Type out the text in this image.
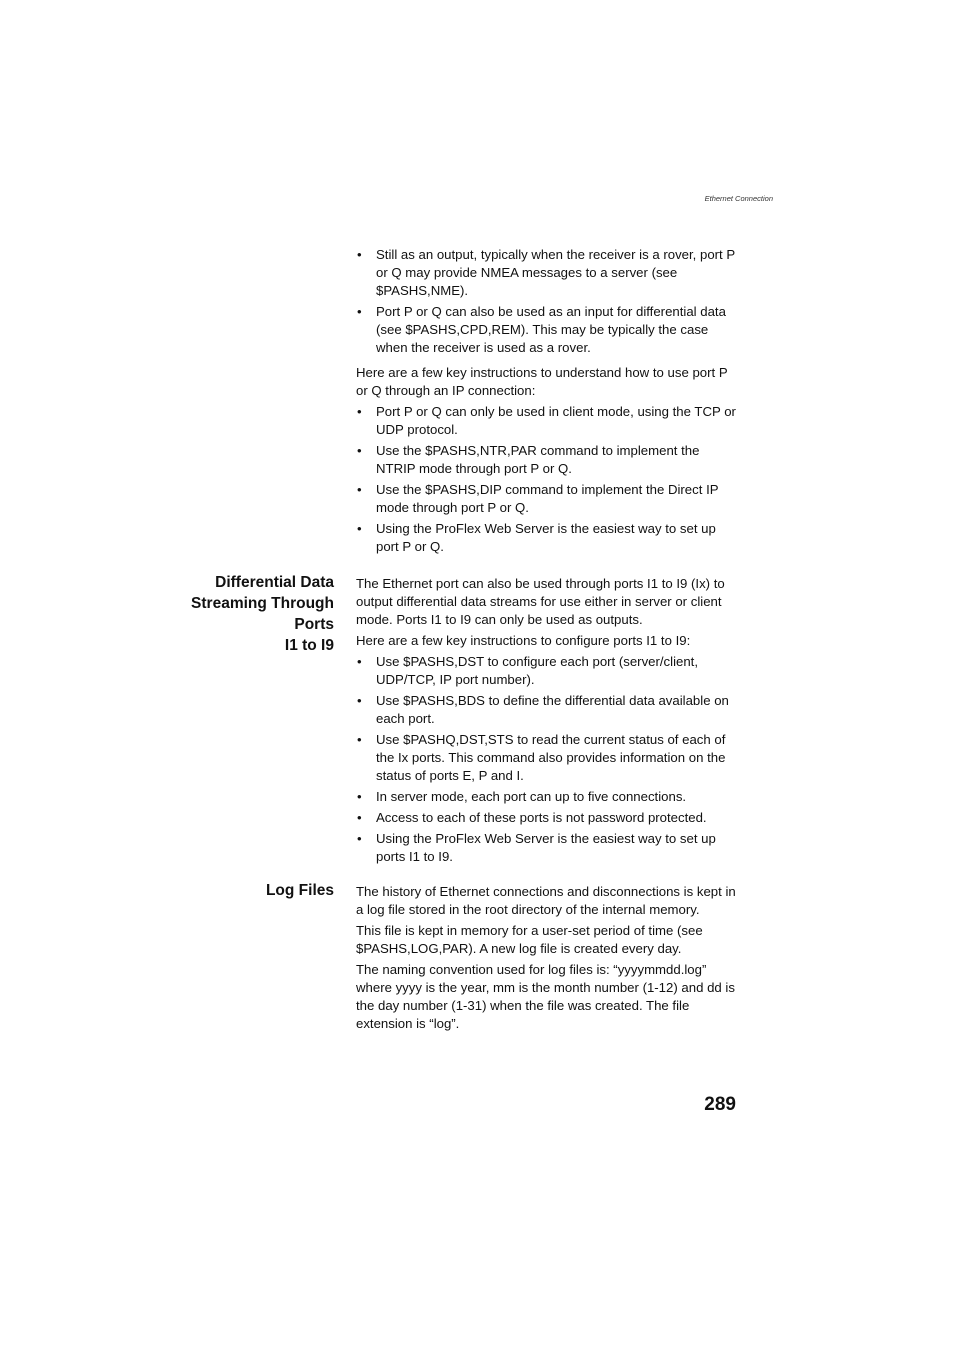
Ethernet Connection
• Still as an output, typically when the receiver is a rover, port P or Q may provide NMEA messages to a server (see $PASHS,NME).
• Port P or Q can also be used as an input for differential data (see $PASHS,CPD,REM). This may be typically the case when the receiver is used as a rover.

Here are a few key instructions to understand how to use port P or Q through an IP connection:

• Port P or Q can only be used in client mode, using the TCP or UDP protocol.
• Use the $PASHS,NTR,PAR command to implement the NTRIP mode through port P or Q.
• Use the $PASHS,DIP command to implement the Direct IP mode through port P or Q.
• Using the ProFlex Web Server is the easiest way to set up port P or Q.
Differential Data
Streaming Through
Ports
I1 to I9

The Ethernet port can also be used through ports I1 to I9 (Ix) to output differential data streams for use either in server or client mode. Ports I1 to I9 can only be used as outputs.

Here are a few key instructions to configure ports I1 to I9:

• Use $PASHS,DST to configure each port (server/client, UDP/TCP, IP port number).
• Use $PASHS,BDS to define the differential data available on each port.
• Use $PASHQ,DST,STS to read the current status of each of the Ix ports. This command also provides information on the status of ports E, P and I.
• In server mode, each port can up to five connections.
• Access to each of these ports is not password protected.
• Using the ProFlex Web Server is the easiest way to set up ports I1 to I9.
Log Files The history of Ethernet connections and disconnections is kept in a log file stored in the root directory of the internal memory.

This file is kept in memory for a user-set period of time (see $PASHS,LOG,PAR). A new log file is created every day.

The naming convention used for log files is: “yyyymmdd.log” where yyyy is the year, mm is the month number (1-12) and dd is the day number (1-31) when the file was created. The file extension is “log”.

289
